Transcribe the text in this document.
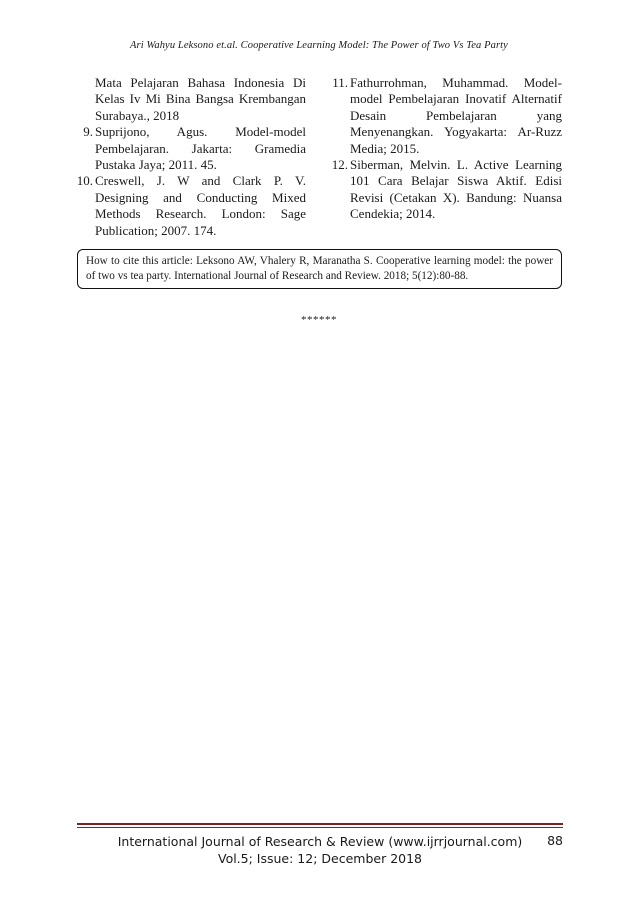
Ari Wahyu Leksono et.al. Cooperative Learning Model: The Power of Two Vs Tea Party

Mata Pelajaran Bahasa Indonesia Di Kelas Iv Mi Bina Bangsa Krembangan Surabaya., 2018

9. Suprijono, Agus. Model-model Pembelajaran. Jakarta: Gramedia Pustaka Jaya; 2011. 45.
10. Creswell, J. W and Clark P. V. Designing and Conducting Mixed Methods Research. London: Sage Publication; 2007. 174.
11. Fathurrohman, Muhammad. Model-model Pembelajaran Inovatif Alternatif Desain Pembelajaran yang Menyenangkan. Yogyakarta: Ar-Ruzz Media; 2015.
12. Siberman, Melvin. L. Active Learning 101 Cara Belajar Siswa Aktif. Edisi Revisi (Cetakan X). Bandung: Nuansa Cendekia; 2014.
How to cite this article: Leksono AW, Vhalery R, Maranatha S. Cooperative learning model: the power of two vs tea party. International Journal of Research and Review. 2018; 5(12):80-88.
******
International Journal of Research & Review (www.ijrrjournal.com)
Vol.5; Issue: 12; December 2018
88
